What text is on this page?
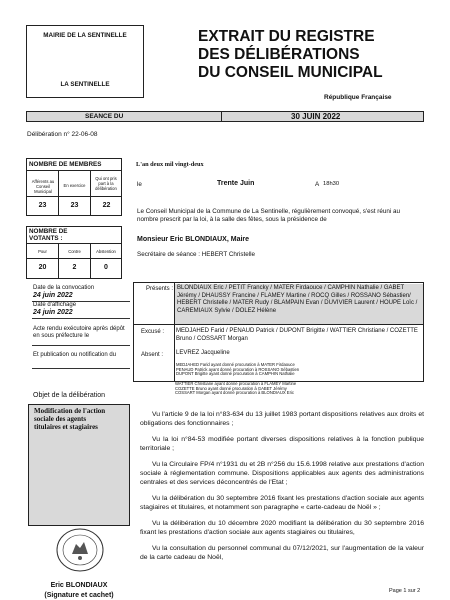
MAIRIE DE LA SENTINELLE
LA SENTINELLE
EXTRAIT DU REGISTRE
DES DÉLIBÉRATIONS
DU CONSEIL MUNICIPAL
République Française
SEANCE DU	30 JUIN 2022
Délibération n° 22-06-08
NOMBRE DE MEMBRES
Afférents au Conseil Municipal
En exercice
Qui ont pris part à la délibération
23	23	22
NOMBRE DE VOTANTS :
Pour	Contre	Abstention
20	2	0
Date de la convocation
24 juin 2022
Date d'affichage
24 juin 2022
Acte rendu exécutoire après dépôt en sous préfecture le
Et publication ou notification du
Objet de la délibération
Modification de l'action sociale des agents titulaires et stagiaires
Eric BLONDIAUX
(Signature et cachet)
L'an deux mil vingt-deux
le	Trente Juin	A 18h30
Le Conseil Municipal de la Commune de La Sentinelle, régulièrement convoqué, s'est réuni au nombre prescrit par la loi, à la salle des fêtes, sous la présidence de
Monsieur Eric BLONDIAUX, Maire
Secrétaire de séance : HEBERT Christelle
Présents : BLONDIAUX Eric / PETIT Francky / MATER Firdaouce / CAMPHIN Nathalie / GABET Jérémy / DHAUSSY Francine / FLAMEY Martine / ROCQ Gilles / ROSSANO Sébastien/ HEBERT Christelle / MATER Rudy / BLAMPAIN Evan / DUVIVIER Laurent / HOUPE Loïc / CAREMIAUX Sylvie / DOLEZ Hélène
Excusé : MEDJAHED Farid / PENAUD Patrick / DUPONT Brigitte / WATTIER Christiane / COZETTE Bruno / COSSART Morgan
Absent : LEVREZ Jacqueline
MEDJAHED Farid ayant donné procuration à MATER Firdaouce
PENAUD Patrick ayant donné procuration à ROSSANO Sébastien
DUPONT Brigitte ayant donné procuration à CAMPHIN Nathalie
WATTIER Christiane ayant donné procuration à FLAMEY Martine
COZETTE Bruno ayant donné procuration à GABET Jérémy
COSSART Morgan ayant donné procuration à BLONDIAUX Eric

Vu l'article 9 de la loi n°83-634 du 13 juillet 1983 portant dispositions relatives aux droits et obligations des fonctionnaires ;

Vu la loi n°84-53 modifiée portant diverses dispositions relatives à la fonction publique territoriale ;

Vu la Circulaire FP/4 n°1931 du et 2B n°256 du 15.6.1998 relative aux prestations d'action sociale à réglementation commune. Dispositions applicables aux agents des administrations centrales et des services déconcentrés de l'Etat ;

Vu la délibération du 30 septembre 2016 fixant les prestations d'action sociale aux agents stagiaires et titulaires, et notamment son paragraphe « carte-cadeau de Noël » ;

Vu la délibération du 10 décembre 2020 modifiant la délibération du 30 septembre 2016 fixant les prestations d'action sociale aux agents stagiaires ou titulaires,

Vu la consultation du personnel communal du 07/12/2021, sur l'augmentation de la valeur de la carte cadeau de Noël,

Page 1 sur 2
